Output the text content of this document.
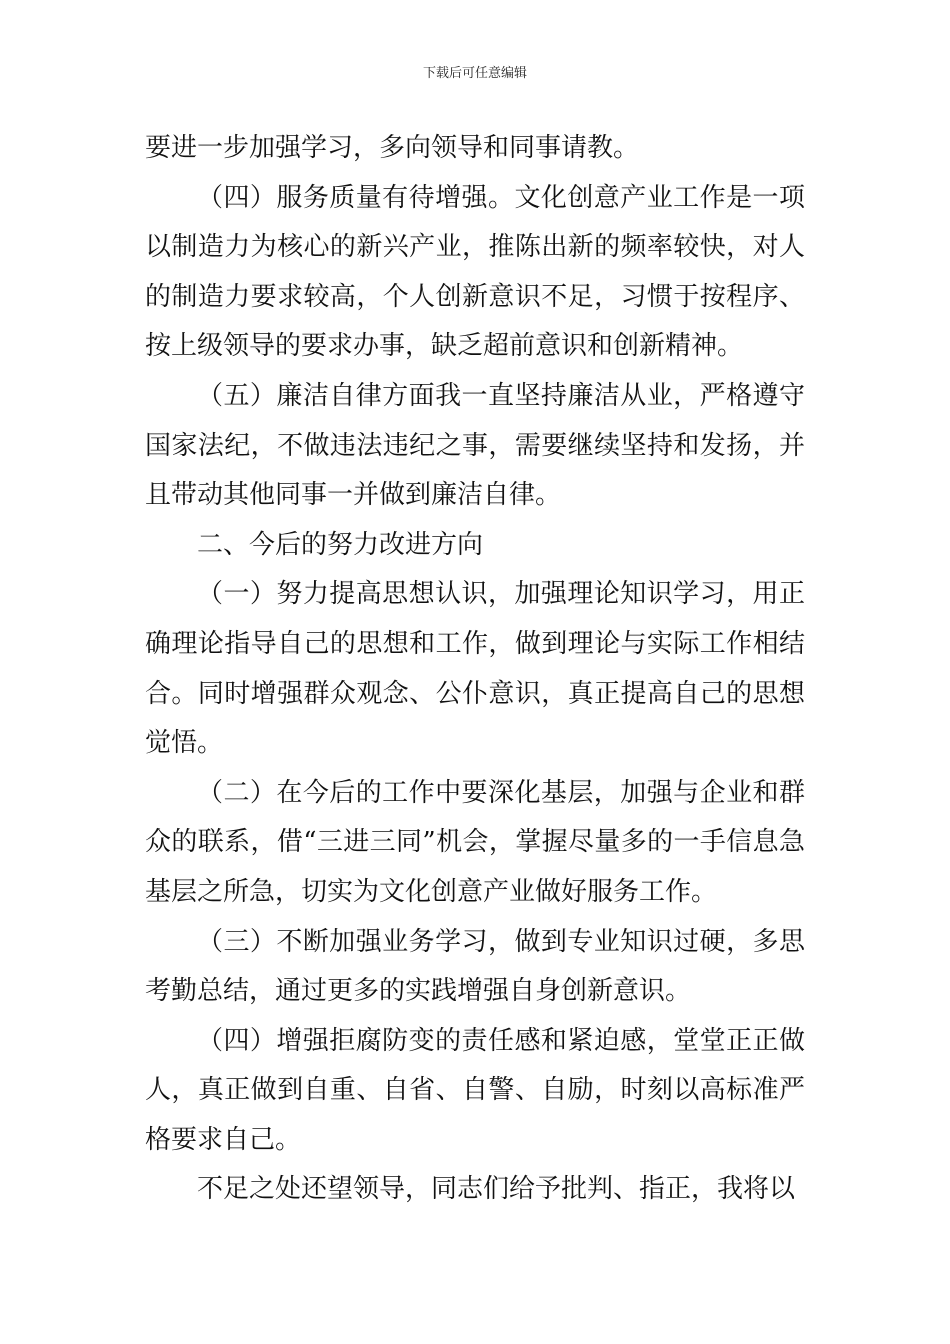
下载后可任意编辑

要进一步加强学习，多向领导和同事请教。

（四）服务质量有待增强。文化创意产业工作是一项以制造力为核心的新兴产业，推陈出新的频率较快，对人的制造力要求较高，个人创新意识不足，习惯于按程序、按上级领导的要求办事，缺乏超前意识和创新精神。

（五）廉洁自律方面我一直坚持廉洁从业，严格遵守国家法纪，不做违法违纪之事，需要继续坚持和发扬，并且带动其他同事一并做到廉洁自律。

二、今后的努力改进方向

（一）努力提高思想认识，加强理论知识学习，用正确理论指导自己的思想和工作，做到理论与实际工作相结合。同时增强群众观念、公仆意识，真正提高自己的思想觉悟。

（二）在今后的工作中要深化基层，加强与企业和群众的联系，借“三进三同”机会，掌握尽量多的一手信息急基层之所急，切实为文化创意产业做好服务工作。

（三）不断加强业务学习，做到专业知识过硬，多思考勤总结，通过更多的实践增强自身创新意识。

（四）增强拒腐防变的责任感和紧迫感，堂堂正正做人，真正做到自重、自省、自警、自励，时刻以高标准严格要求自己。

不足之处还望领导，同志们给予批判、指正，我将以
